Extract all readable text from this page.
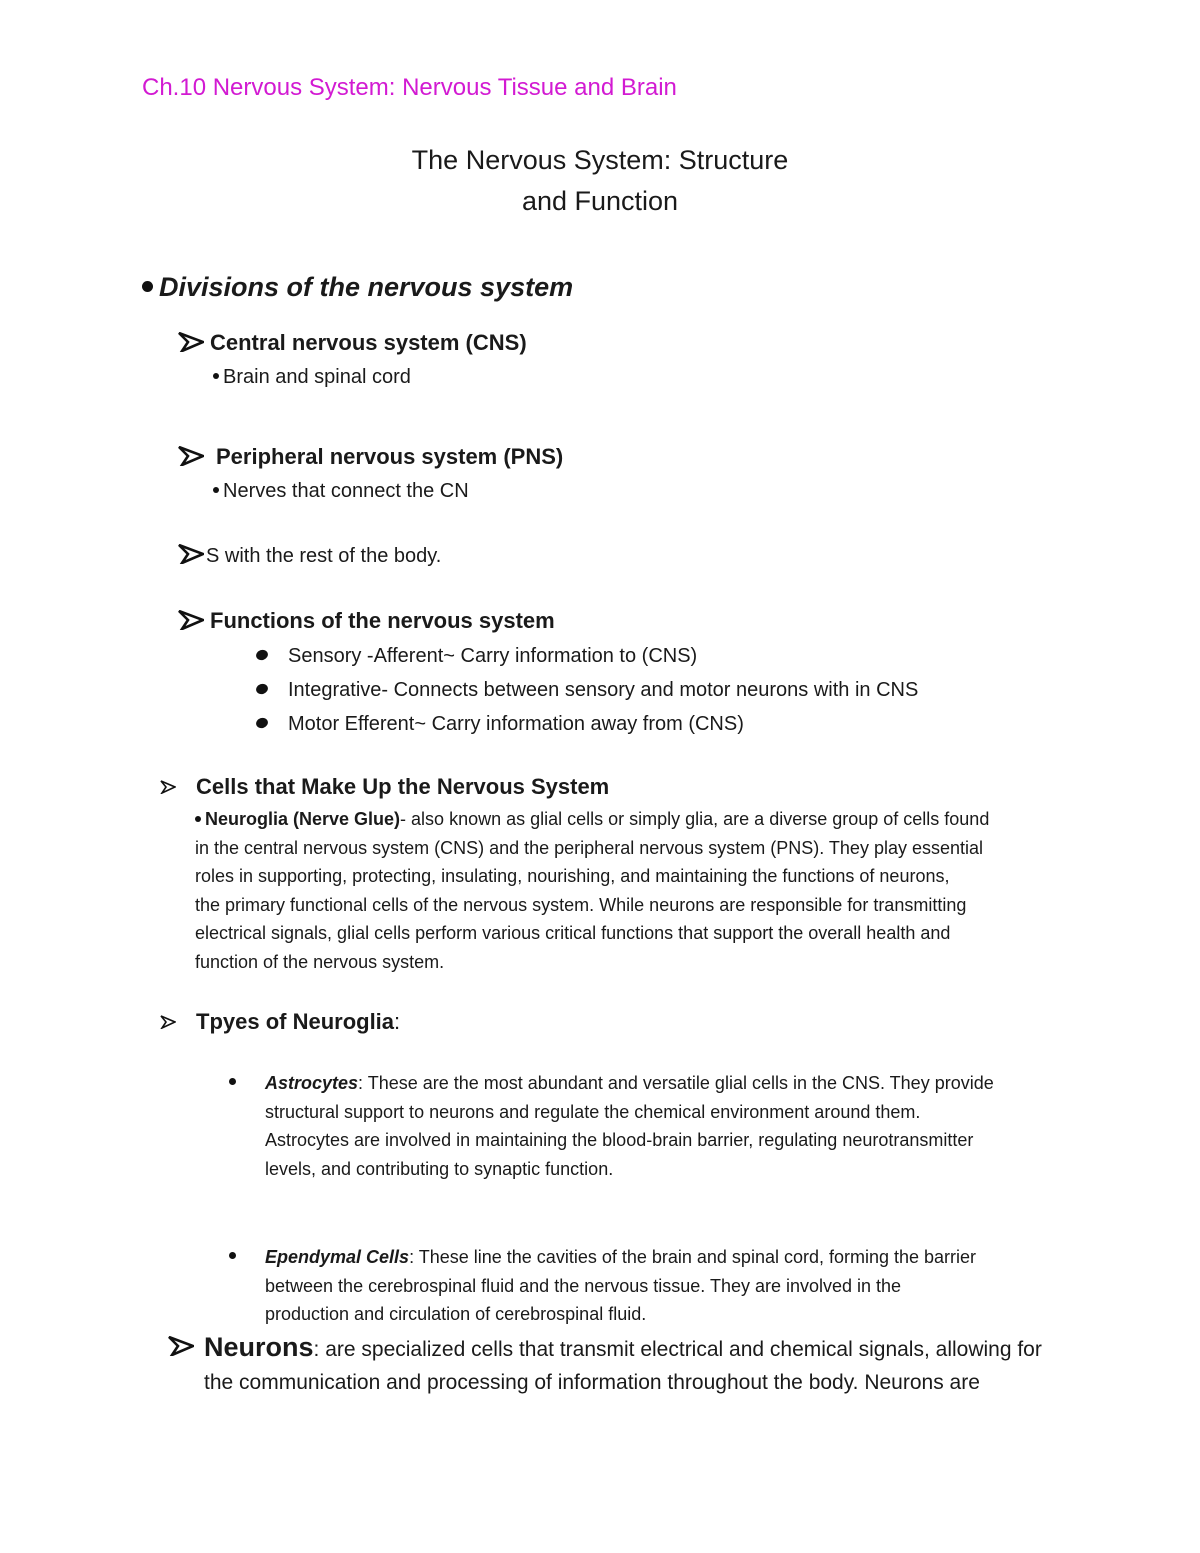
Ch.10 Nervous System: Nervous Tissue and Brain
The Nervous System: Structure
and Function
Divisions of the nervous system
Central nervous system (CNS)
Brain and spinal cord
Peripheral nervous system (PNS)
Nerves that connect the CN
S with the rest of the body.
Functions of the nervous system
Sensory -Afferent~ Carry information to (CNS)
Integrative- Connects between sensory and motor neurons with in CNS
Motor Efferent~ Carry information away from (CNS)
Cells that Make Up the Nervous System
Neuroglia (Nerve Glue)- also known as glial cells or simply glia, are a diverse group of cells found
in the central nervous system (CNS) and the peripheral nervous system (PNS). They play essential
roles in supporting, protecting, insulating, nourishing, and maintaining the functions of neurons,
the primary functional cells of the nervous system. While neurons are responsible for transmitting
electrical signals, glial cells perform various critical functions that support the overall health and
function of the nervous system.
Tpyes of Neuroglia:
Astrocytes: These are the most abundant and versatile glial cells in the CNS. They provide
structural support to neurons and regulate the chemical environment around them.
Astrocytes are involved in maintaining the blood-brain barrier, regulating neurotransmitter
levels, and contributing to synaptic function.
Ependymal Cells: These line the cavities of the brain and spinal cord, forming the barrier
between the cerebrospinal fluid and the nervous tissue. They are involved in the
production and circulation of cerebrospinal fluid.
Neurons: are specialized cells that transmit electrical and chemical signals, allowing for
the communication and processing of information throughout the body. Neurons are
